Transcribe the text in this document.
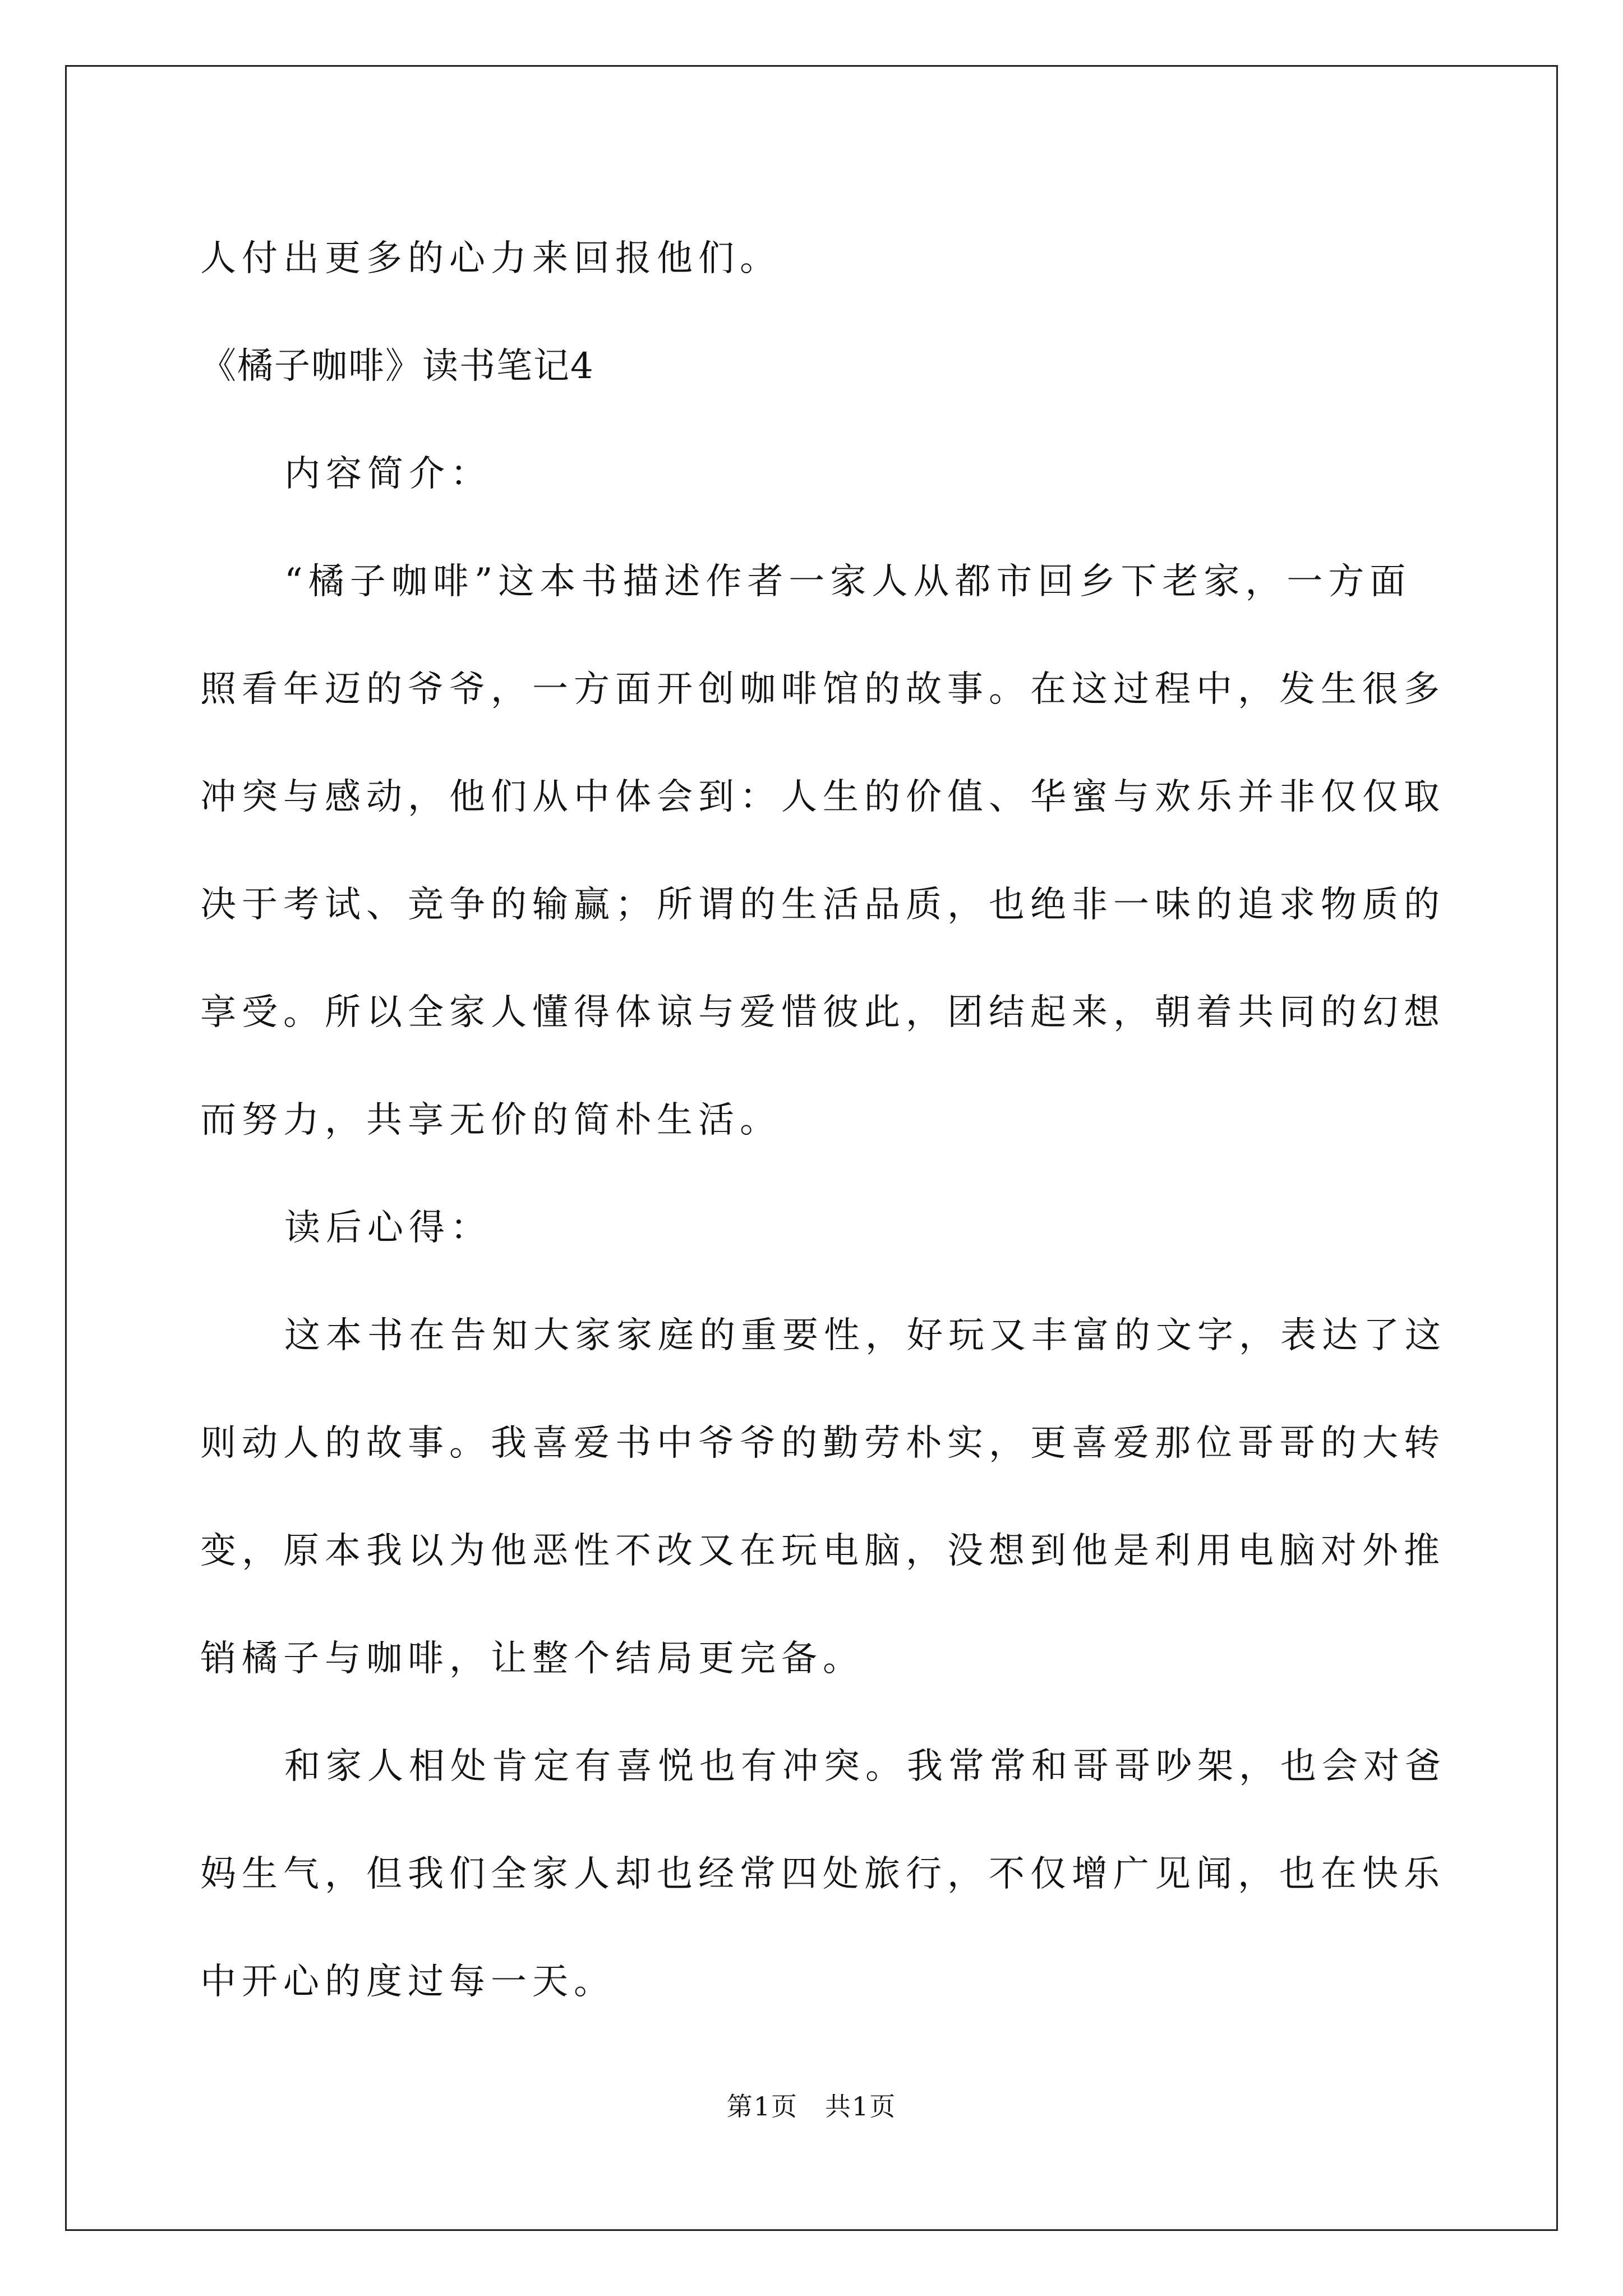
人付出更多的心力来回报他们。

《橘子咖啡》读书笔记4

内容简介：

“橘子咖啡”这本书描述作者一家人从都市回乡下老家，一方面

照看年迈的爷爷，一方面开创咖啡馆的故事。在这过程中，发生很多

冲突与感动，他们从中体会到：人生的价值、华蜜与欢乐并非仅仅取

决于考试、竞争的输赢；所谓的生活品质，也绝非一味的追求物质的

享受。所以全家人懂得体谅与爱惜彼此，团结起来，朝着共同的幻想

而努力，共享无价的简朴生活。

读后心得：

这本书在告知大家家庭的重要性，好玩又丰富的文字，表达了这

则动人的故事。我喜爱书中爷爷的勤劳朴实，更喜爱那位哥哥的大转

变，原本我以为他恶性不改又在玩电脑，没想到他是利用电脑对外推

销橘子与咖啡，让整个结局更完备。

和家人相处肯定有喜悦也有冲突。我常常和哥哥吵架，也会对爸

妈生气，但我们全家人却也经常四处旅行，不仅增广见闻，也在快乐

中开心的度过每一天。

第1页　共1页
